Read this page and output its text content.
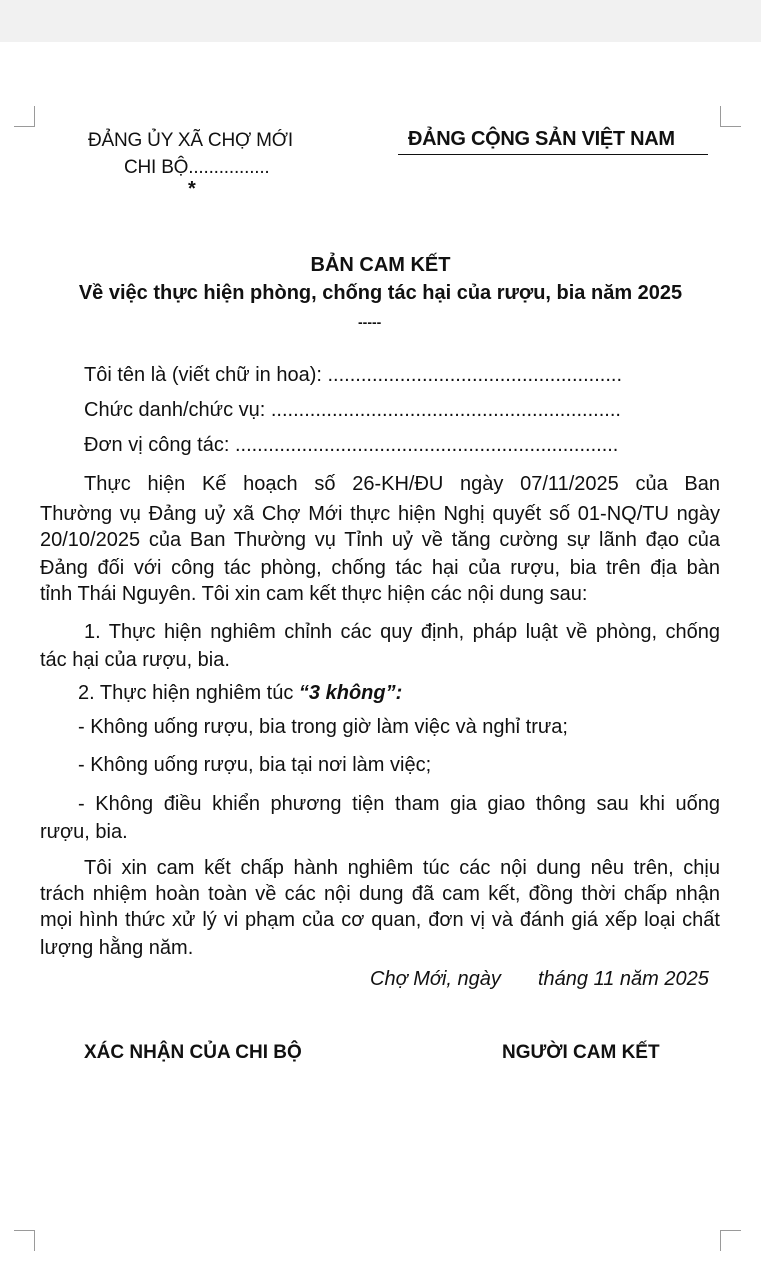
ĐẢNG ỦY XÃ CHỢ MỚI
CHI BỘ................
*
ĐẢNG CỘNG SẢN VIỆT NAM
BẢN CAM KẾT
Về việc thực hiện phòng, chống tác hại của rượu, bia năm 2025
-----
Tôi tên là (viết chữ in hoa): .....................................................
Chức danh/chức vụ: ...............................................................
Đơn vị công tác: .....................................................................
Thực hiện Kế hoạch số 26-KH/ĐU ngày 07/11/2025 của Ban
Thường vụ Đảng uỷ xã Chợ Mới thực hiện Nghị quyết số 01-NQ/TU ngày
20/10/2025 của Ban Thường vụ Tỉnh uỷ về tăng cường sự lãnh đạo của
Đảng đối với công tác phòng, chống tác hại của rượu, bia trên địa bàn
tỉnh Thái Nguyên. Tôi xin cam kết thực hiện các nội dung sau:
1. Thực hiện nghiêm chỉnh các quy định, pháp luật về phòng, chống
tác hại của rượu, bia.
2. Thực hiện nghiêm túc “3 không”:
- Không uống rượu, bia trong giờ làm việc và nghỉ trưa;
- Không uống rượu, bia tại nơi làm việc;
- Không điều khiển phương tiện tham gia giao thông sau khi uống
rượu, bia.
Tôi xin cam kết chấp hành nghiêm túc các nội dung nêu trên, chịu
trách nhiệm hoàn toàn về các nội dung đã cam kết, đồng thời chấp nhận
mọi hình thức xử lý vi phạm của cơ quan, đơn vị và đánh giá xếp loại chất
lượng hằng năm.
Chợ Mới, ngày tháng 11 năm 2025
XÁC NHẬN CỦA CHI BỘ	NGƯỜI CAM KẾT
